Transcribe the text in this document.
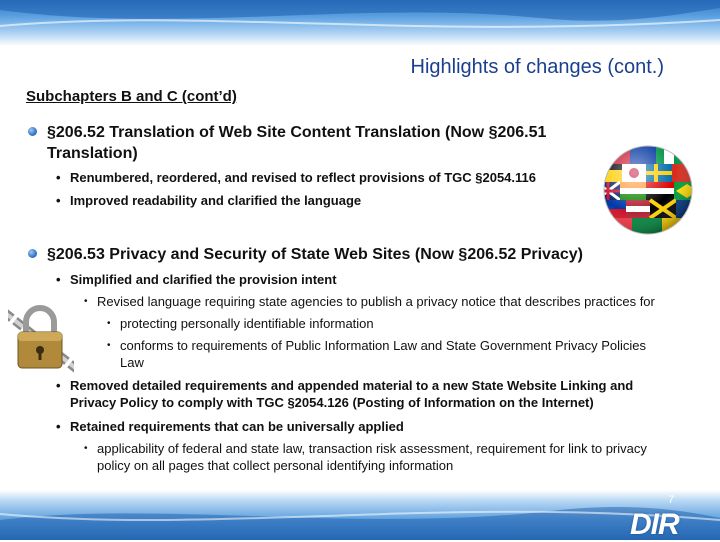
Highlights of changes (cont.)
Subchapters B and C (cont’d)
§206.52 Translation of Web Site Content Translation (Now §206.51
Translation)
• Renumbered, reordered, and revised to reflect provisions of TGC §2054.116
• Improved readability and clarified the language
§206.53 Privacy and Security of State Web Sites (Now §206.52 Privacy)
• Simplified and clarified the provision intent
• Revised language requiring state agencies to publish a privacy notice that describes practices for
• protecting personally identifiable information
• conforms to requirements of Public Information Law and State Government Privacy Policies
Law
• Removed detailed requirements and appended material to a new State Website Linking and
Privacy Policy to comply with TGC §2054.126 (Posting of Information on the Internet)
• Retained requirements that can be universally applied
• applicability of federal and state law, transaction risk assessment, requirement for link to privacy
policy on all pages that collect personal identifying information
7
DIR
